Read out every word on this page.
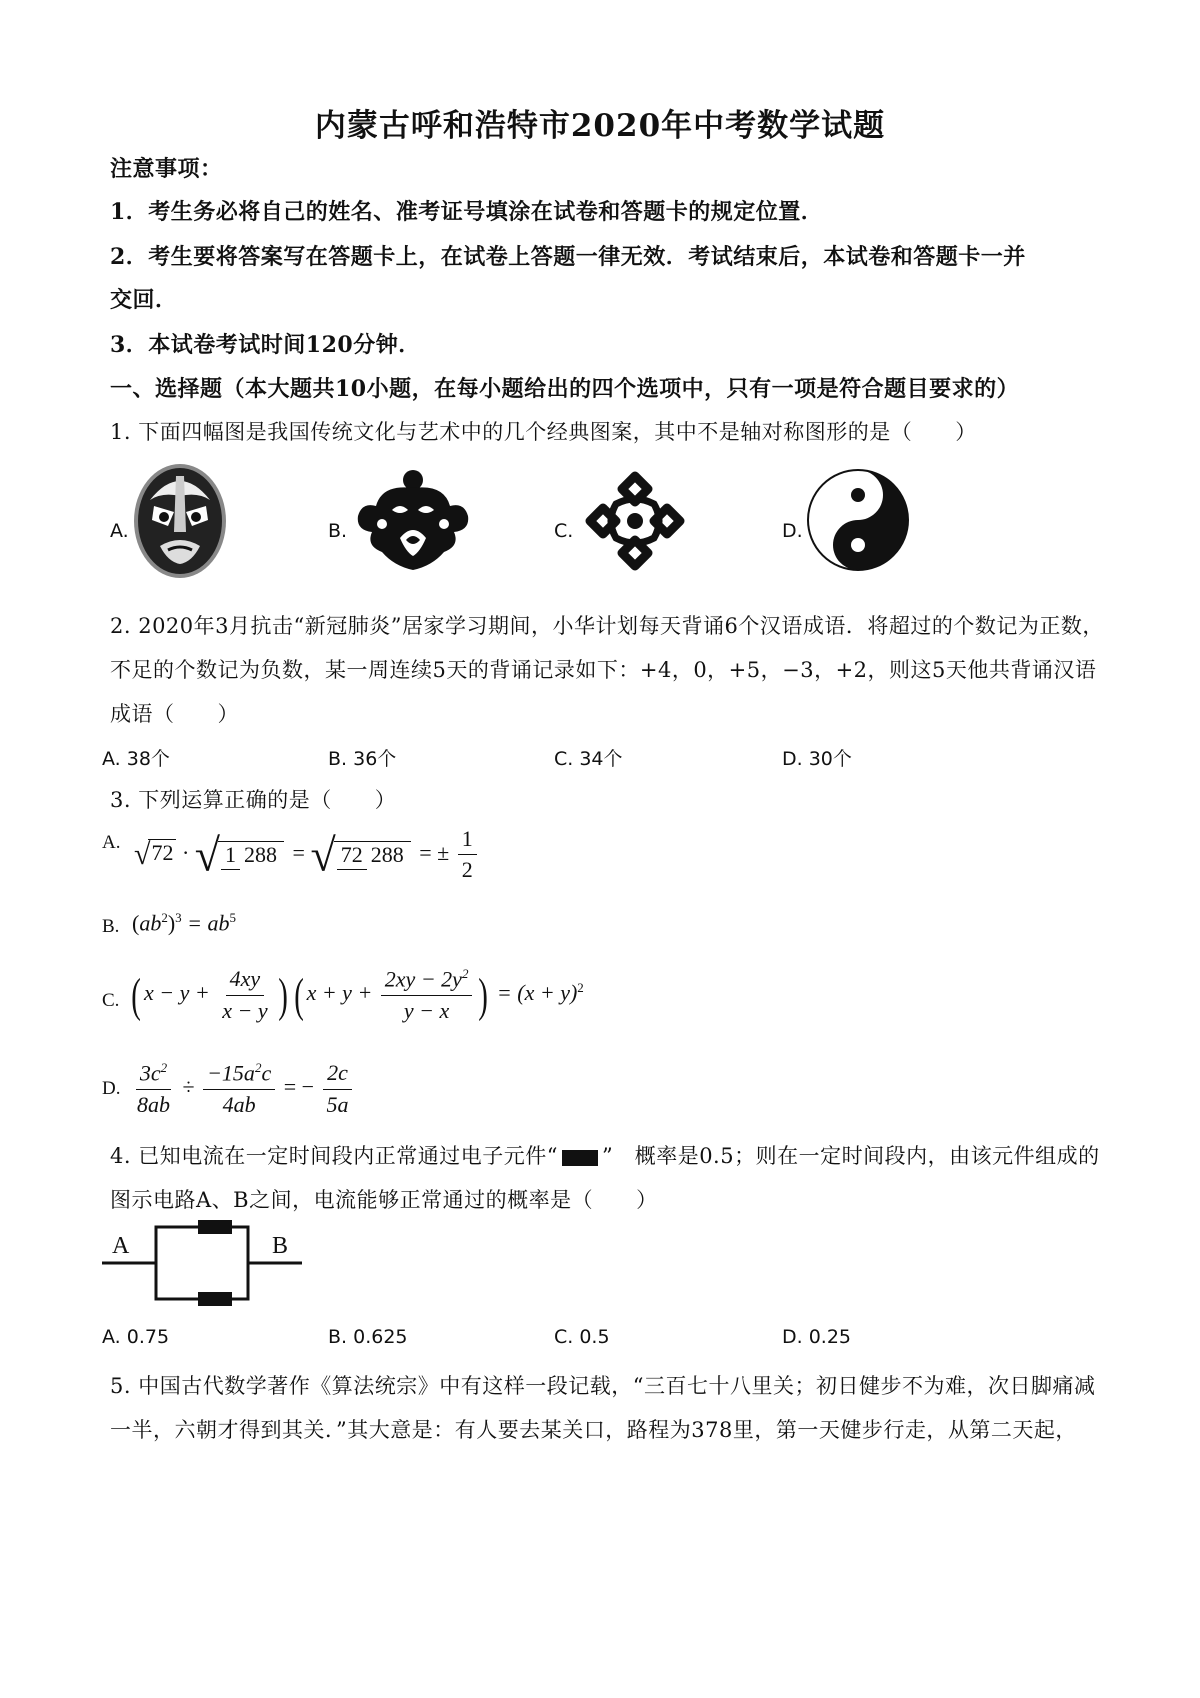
内蒙古呼和浩特市2020年中考数学试题
注意事项：
1．考生务必将自己的姓名、准考证号填涂在试卷和答题卡的规定位置．
2．考生要将答案写在答题卡上，在试卷上答题一律无效．考试结束后，本试卷和答题卡一并
交回．
3．本试卷考试时间120分钟．
一、选择题（本大题共10小题，在每小题给出的四个选项中，只有一项是符合题目要求的）
1. 下面四幅图是我国传统文化与艺术中的几个经典图案，其中不是轴对称图形的是（　　）
A.	B.	C.	D.
2. 2020年3月抗击“新冠肺炎”居家学习期间，小华计划每天背诵6个汉语成语．将超过的个数记为正数，
不足的个数记为负数，某一周连续5天的背诵记录如下：+4，0，+5，−3，+2，则这5天他共背诵汉语
成语（　　）
A. 38个	B. 36个	C. 34个	D. 30个
3. 下列运算正确的是（　　）
A. √72 · √ 1 288 = √ 72 288 = ± $\frac{1}{2}$
B. $(ab^2)^3 = ab^5$
C. ( $x - y + \frac{4xy}{x - y}$ ) ( $x + y + \frac{2xy - 2y^2}{y - x}$ ) = $(x + y)^2$
D. $\frac{3c^2}{8ab} \div \frac{-15a^2c}{4ab}$ = − $\frac{2c}{5a}$
4. 已知电流在一定时间段内正常通过电子元件“ ”　概率是0.5；则在一定时间段内，由该元件组成的
图示电路A、B之间，电流能够正常通过的概率是（　　）
A	B
A. 0.75	B. 0.625	C. 0.5	D. 0.25
5. 中国古代数学著作《算法统宗》中有这样一段记载，“三百七十八里关；初日健步不为难，次日脚痛减
一半，六朝才得到其关．”其大意是：有人要去某关口，路程为378里，第一天健步行走，从第二天起，
